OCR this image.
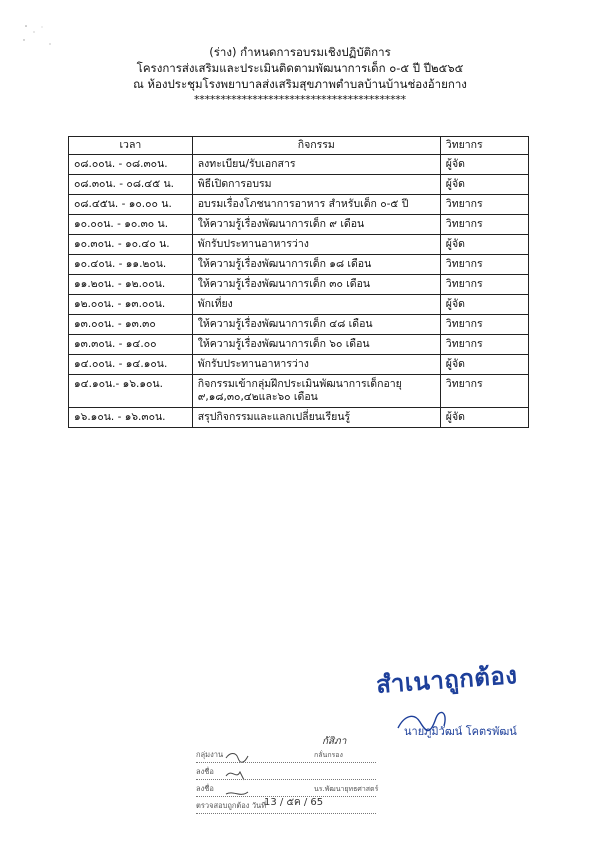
(ร่าง) กำหนดการอบรมเชิงปฏิบัติการ
โครงการส่งเสริมและประเมินติดตามพัฒนาการเด็ก ๐-๕ ปี ปี๒๕๖๕
ณ ห้องประชุมโรงพยาบาลส่งเสริมสุขภาพตำบลบ้านบ้านช่องอ้ายกาง
****************************************
เวลา	กิจกรรม	วิทยากร
๐๘.๐๐น. - ๐๘.๓๐น.	ลงทะเบียน/รับเอกสาร	ผู้จัด
๐๘.๓๐น. - ๐๘.๔๕ น.	พิธีเปิดการอบรม	ผู้จัด
๐๘.๔๕น. - ๑๐.๐๐ น.	อบรมเรื่องโภชนาการอาหาร สำหรับเด็ก ๐-๕ ปี	วิทยากร
๑๐.๐๐น. - ๑๐.๓๐ น.	ให้ความรู้เรื่องพัฒนาการเด็ก ๙ เดือน	วิทยากร
๑๐.๓๐น. - ๑๐.๔๐ น.	พักรับประทานอาหารว่าง	ผู้จัด
๑๐.๔๐น. - ๑๑.๒๐น.	ให้ความรู้เรื่องพัฒนาการเด็ก ๑๘ เดือน	วิทยากร
๑๑.๒๐น. - ๑๒.๐๐น.	ให้ความรู้เรื่องพัฒนาการเด็ก ๓๐ เดือน	วิทยากร
๑๒.๐๐น. - ๑๓.๐๐น.	พักเที่ยง	ผู้จัด
๑๓.๐๐น. - ๑๓.๓๐	ให้ความรู้เรื่องพัฒนาการเด็ก ๔๘ เดือน	วิทยากร
๑๓.๓๐น. - ๑๔.๐๐	ให้ความรู้เรื่องพัฒนาการเด็ก ๖๐ เดือน	วิทยากร
๑๔.๐๐น. - ๑๔.๑๐น.	พักรับประทานอาหารว่าง	ผู้จัด
๑๔.๑๐น.- ๑๖.๑๐น.	กิจกรรมเข้ากลุ่มฝึกประเมินพัฒนาการเด็กอายุ ๙,๑๘,๓๐,๔๒และ๖๐ เดือน	วิทยากร
๑๖.๑๐น. - ๑๖.๓๐น.	สรุปกิจกรรมและแลกเปลี่ยนเรียนรู้	ผู้จัด
สำเนาถูกต้อง
นายภูมิวัฒน์ โคตรพัฒน์
กลุ่มงาน	กลั่นกรอง
กัสิภา
ลงชื่อ
ลงชื่อ	นร.พัฒนายุทธศาสตร์
ตรวจสอบถูกต้อง วันที่
13 / ๕ค / 65
